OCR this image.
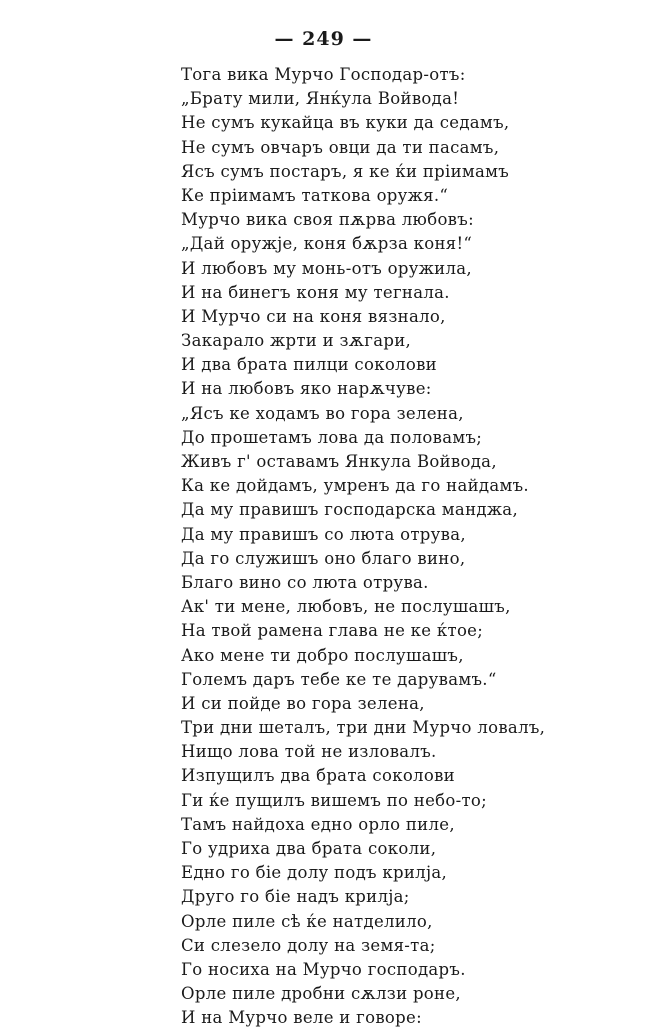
— 249 —
Тога вика Мурчо Господар-отъ:
„Брату мили, Янќула Войвода!
Не сумъ кукайца въ куки да седамъ,
Не сумъ овчаръ овци да ти пасамъ,
Ясъ сумъ постаръ, я ке ќи пріимамъ
Ке пріимамъ таткова оружя.“
Мурчо вика своя пѫрва любовъ:
„Дай оружје, коня бѫрза коня!“
И любовъ му монь-отъ оружила,
И на бинегъ коня му тегнала.
И Мурчо си на коня вязнало,
Закарало жрти и зѫгари,
И два брата пилци соколови
И на любовъ яко нарѫчуве:
„Ясъ ке ходамъ во гора зелена,
До прошетамъ лова да половамъ;
Живъ г' оставамъ Янкула Войвода,
Ка ке дойдамъ, умренъ да го найдамъ.
Да му правишъ господарска манджа,
Да му правишъ со люта отрува,
Да го служишъ оно благо вино,
Благо вино со люта отрува.
Ак' ти мене, любовъ, не послушашъ,
На твой рамена глава не ке ќтое;
Ако мене ти добро послушашъ,
Големъ даръ тебе ке те дарувамъ.“
И си пойде во гора зелена,
Три дни шеталъ, три дни Мурчо ловалъ,
Нищо лова той не изловалъ.
Изпущилъ два брата соколови
Ги ќе пущилъ вишемъ по небо-то;
Тамъ найдоха едно орло пиле,
Го удриха два брата соколи,
Едно го біе долу подъ крилја,
Друго го біе надъ крилја;
Орле пиле сѣ ќе натделило,
Си слезело долу на земя-та;
Го носиха на Мурчо господаръ.
Орле пиле дробни сѫлзи роне,
И на Мурчо веле и говоре:
